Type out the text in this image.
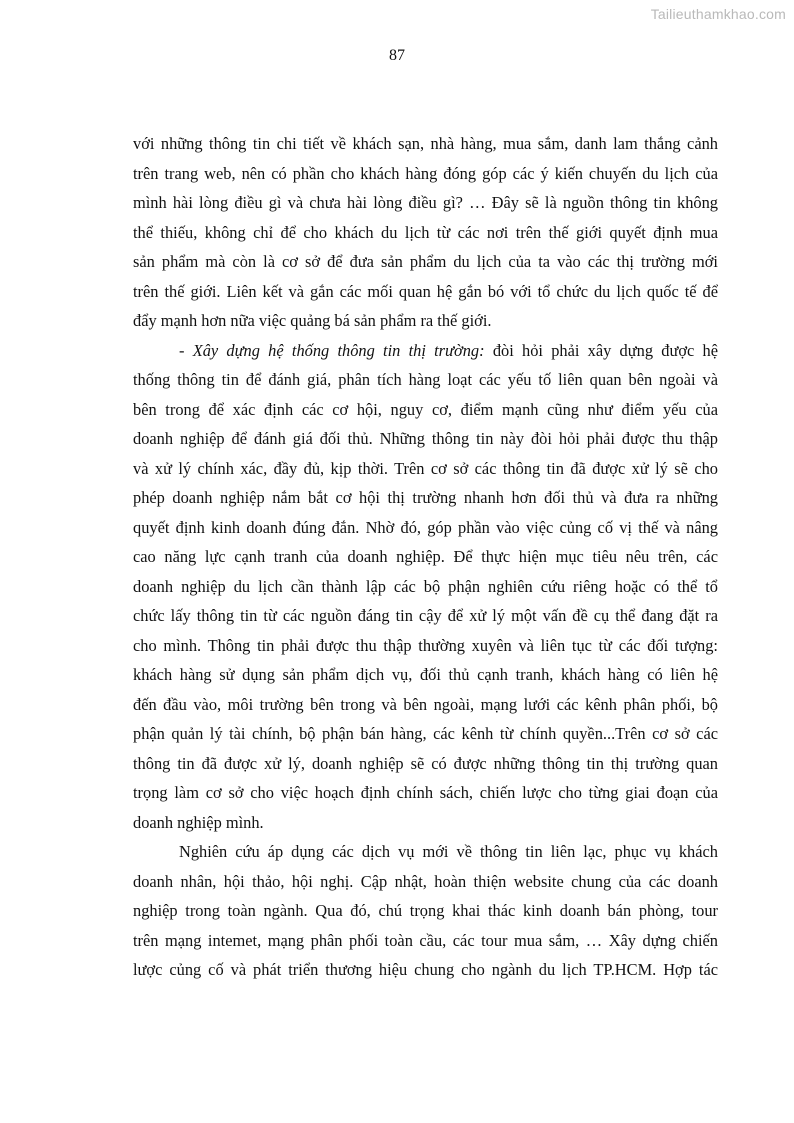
Tailieuthamkhao.com
87
với những thông tin chi tiết về khách sạn, nhà hàng, mua sắm, danh lam thắng cảnh
trên trang web, nên có phần cho khách hàng đóng góp các ý kiến chuyến du lịch của
mình hài lòng điều gì và chưa hài lòng điều gì? … Đây sẽ là nguồn thông tin không
thể thiếu, không chỉ để cho khách du lịch từ các nơi trên thế giới quyết định mua
sản phẩm mà còn là cơ sở để đưa sản phẩm du lịch của ta vào các thị trường mới
trên thế giới. Liên kết và gắn các mối quan hệ gắn bó với tổ chức du lịch quốc tế để
đẩy mạnh hơn nữa việc quảng bá sản phẩm ra thế giới.
- Xây dựng hệ thống thông tin thị trường: đòi hỏi phải xây dựng được hệ
thống thông tin để đánh giá, phân tích hàng loạt các yếu tố liên quan bên ngoài và
bên trong để xác định các cơ hội, nguy cơ, điểm mạnh cũng như điểm yếu của
doanh nghiệp để đánh giá đối thủ. Những thông tin này đòi hỏi phải được thu thập
và xử lý chính xác, đầy đủ, kịp thời. Trên cơ sở các thông tin đã được xử lý sẽ cho
phép doanh nghiệp nắm bắt cơ hội thị trường nhanh hơn đối thủ và đưa ra những
quyết định kinh doanh đúng đắn. Nhờ đó, góp phần vào việc củng cố vị thế và nâng
cao năng lực cạnh tranh của doanh nghiệp. Để thực hiện mục tiêu nêu trên, các
doanh nghiệp du lịch cần thành lập các bộ phận nghiên cứu riêng hoặc có thể tổ
chức lấy thông tin từ các nguồn đáng tin cậy để xử lý một vấn đề cụ thể đang đặt ra
cho mình. Thông tin phải được thu thập thường xuyên và liên tục từ các đối tượng:
khách hàng sử dụng sản phẩm dịch vụ, đối thủ cạnh tranh, khách hàng có liên hệ
đến đầu vào, môi trường bên trong và bên ngoài, mạng lưới các kênh phân phối, bộ
phận quản lý tài chính, bộ phận bán hàng, các kênh từ chính quyền...Trên cơ sở các
thông tin đã được xử lý, doanh nghiệp sẽ có được những thông tin thị trường quan
trọng làm cơ sở cho việc hoạch định chính sách, chiến lược cho từng giai đoạn của
doanh nghiệp mình.
Nghiên cứu áp dụng các dịch vụ mới về thông tin liên lạc, phục vụ khách
doanh nhân, hội thảo, hội nghị. Cập nhật, hoàn thiện website chung của các doanh
nghiệp trong toàn ngành. Qua đó, chú trọng khai thác kinh doanh bán phòng, tour
trên mạng intemet, mạng phân phối toàn cầu, các tour mua sắm, … Xây dựng chiến
lược củng cố và phát triển thương hiệu chung cho ngành du lịch TP.HCM. Hợp tác
